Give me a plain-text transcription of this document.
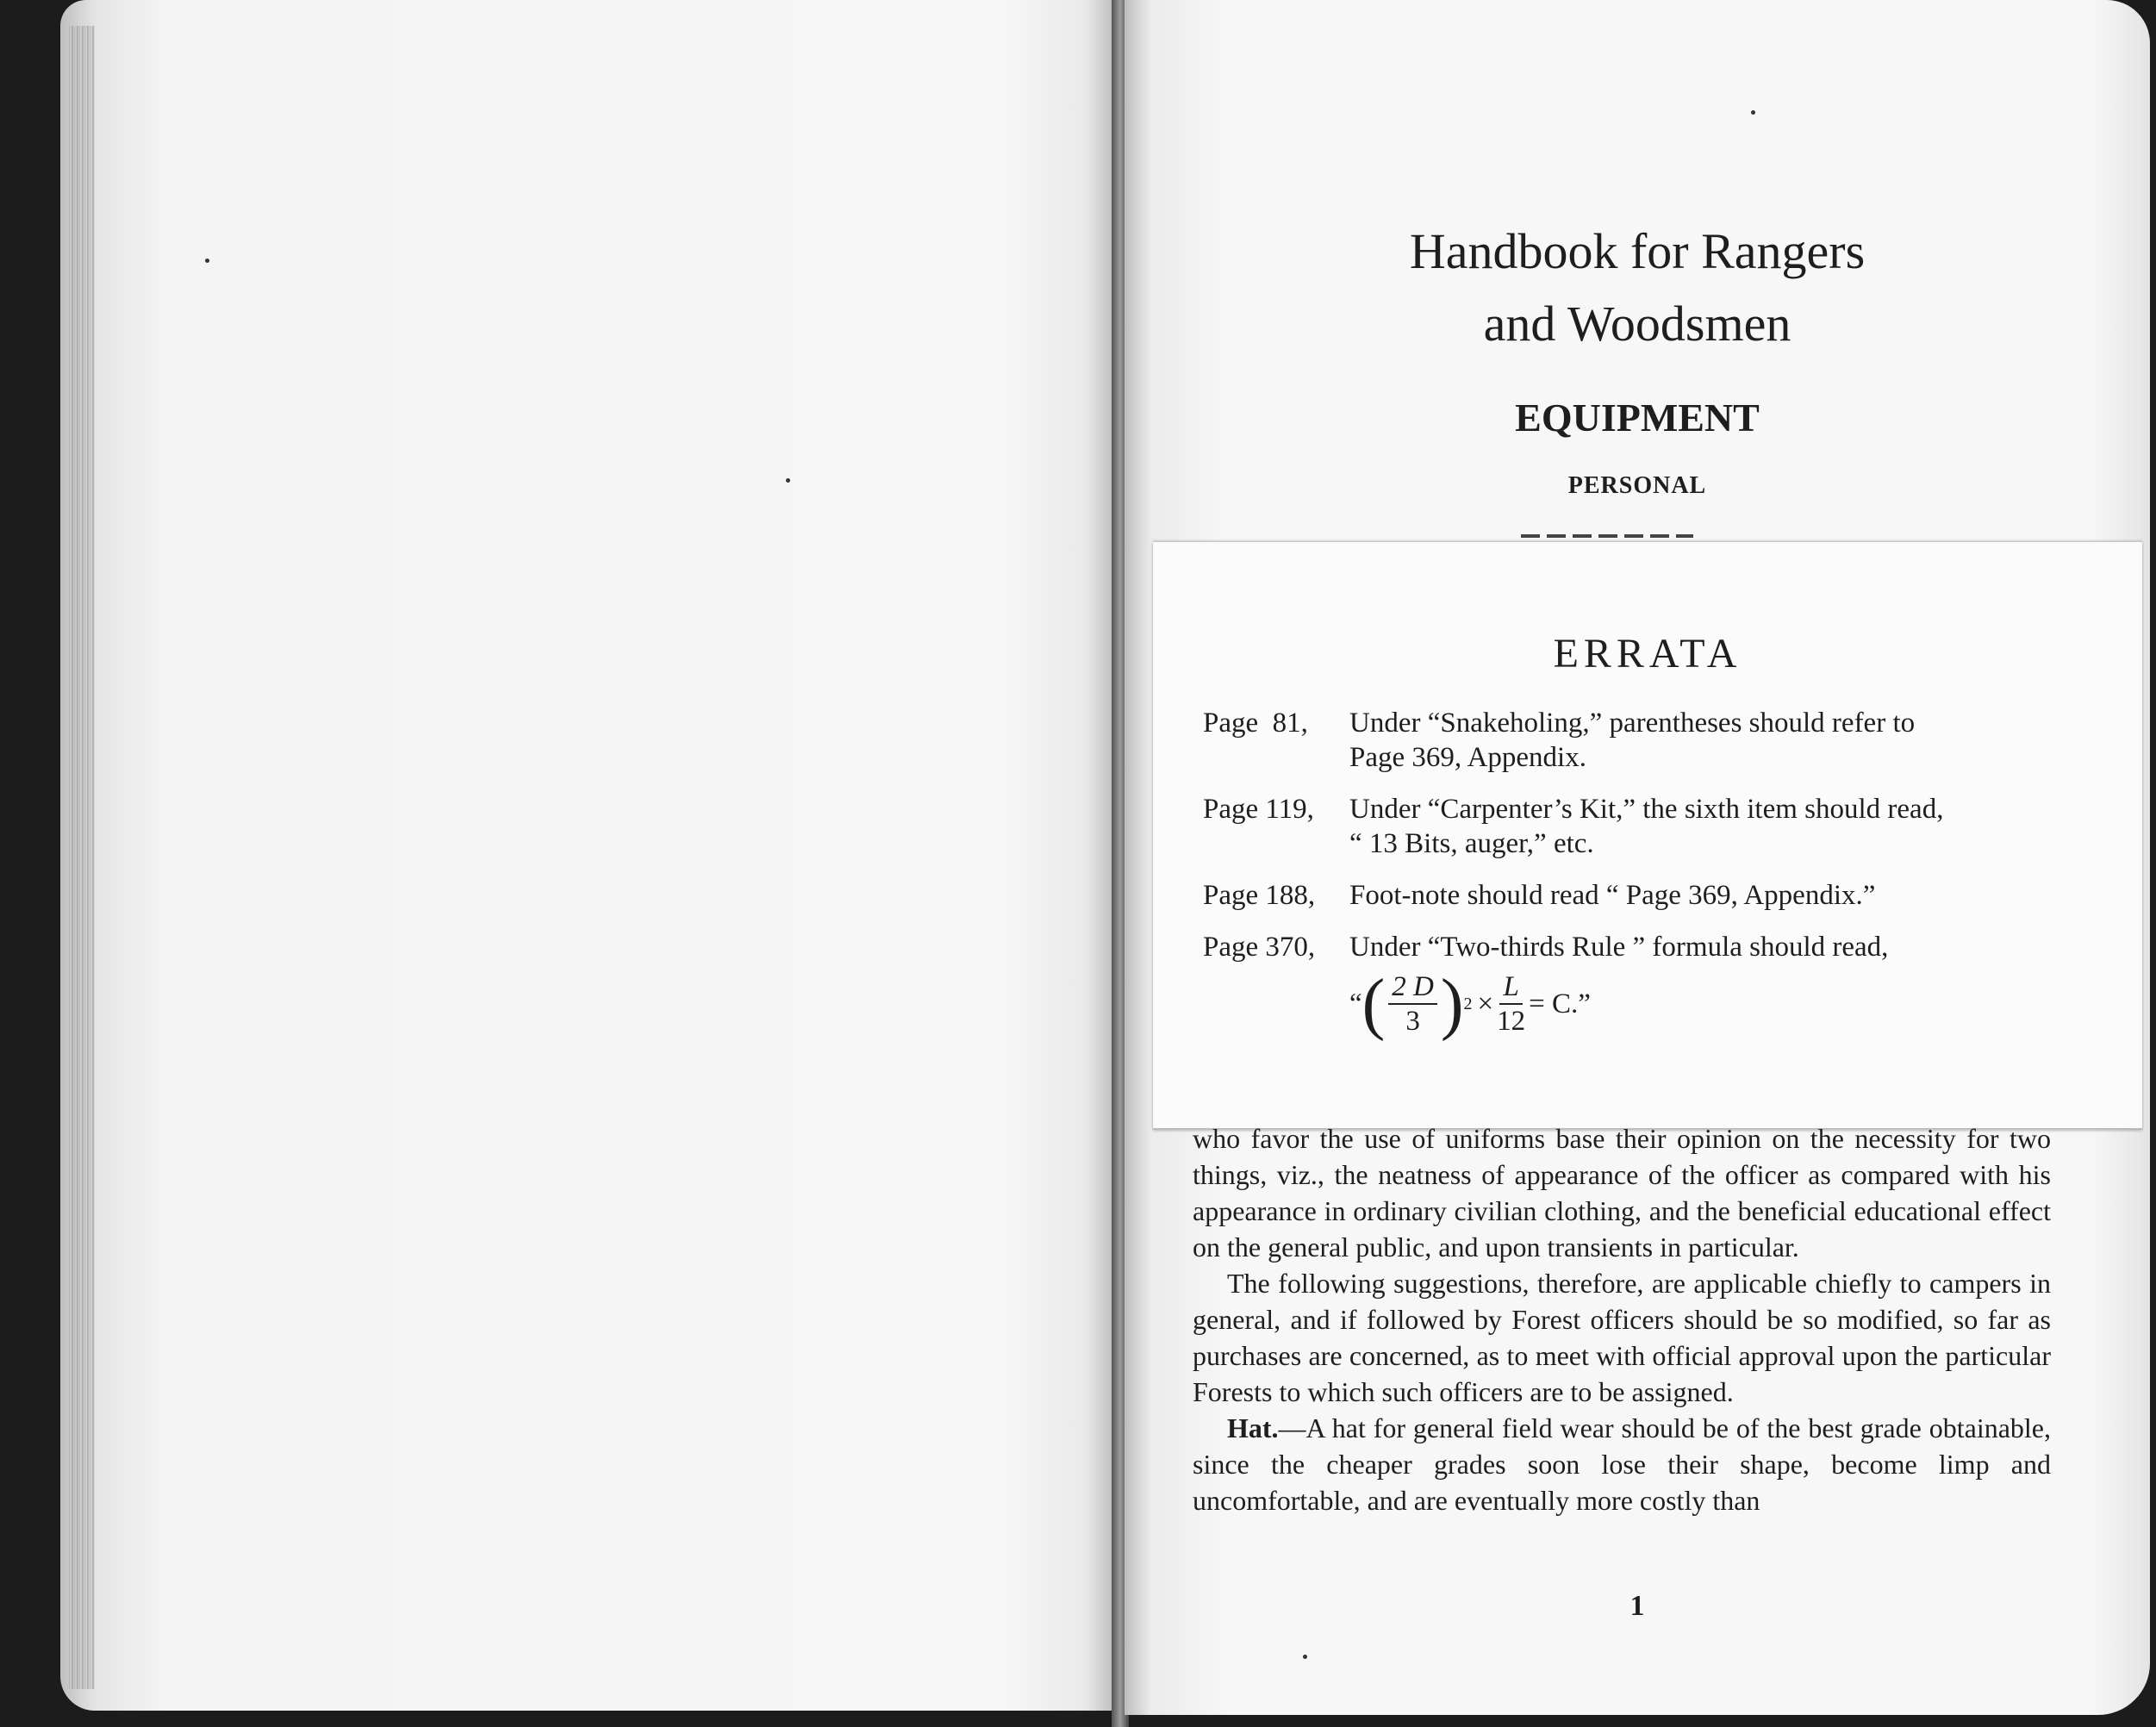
Handbook for Rangers
and Woodsmen
EQUIPMENT
PERSONAL
ERRATA
Page  81,	Under “Snakeholing,” parentheses should refer to
Page 369, Appendix.
Page 119,	Under “Carpenter’s Kit,” the sixth item should read,
“ 13 Bits, auger,” etc.
Page 188,	Foot-note should read “ Page 369, Appendix.”
Page 370,	Under “Two-thirds Rule ” formula should read,
“ ( $\frac{2 D}{3}$ ) $2 \times \frac{L}{12} = C$.”

who favor the use of uniforms base their opinion on the necessity for two things, viz., the neatness of appearance of the officer as compared with his appearance in ordinary civilian clothing, and the beneficial educational effect on the general public, and upon transients in particular.

The following suggestions, therefore, are applicable chiefly to campers in general, and if followed by Forest officers should be so modified, so far as purchases are concerned, as to meet with official approval upon the particular Forests to which such officers are to be assigned.

Hat.—A hat for general field wear should be of the best grade obtainable, since the cheaper grades soon lose their shape, become limp and uncomfortable, and are eventually more costly than

1
